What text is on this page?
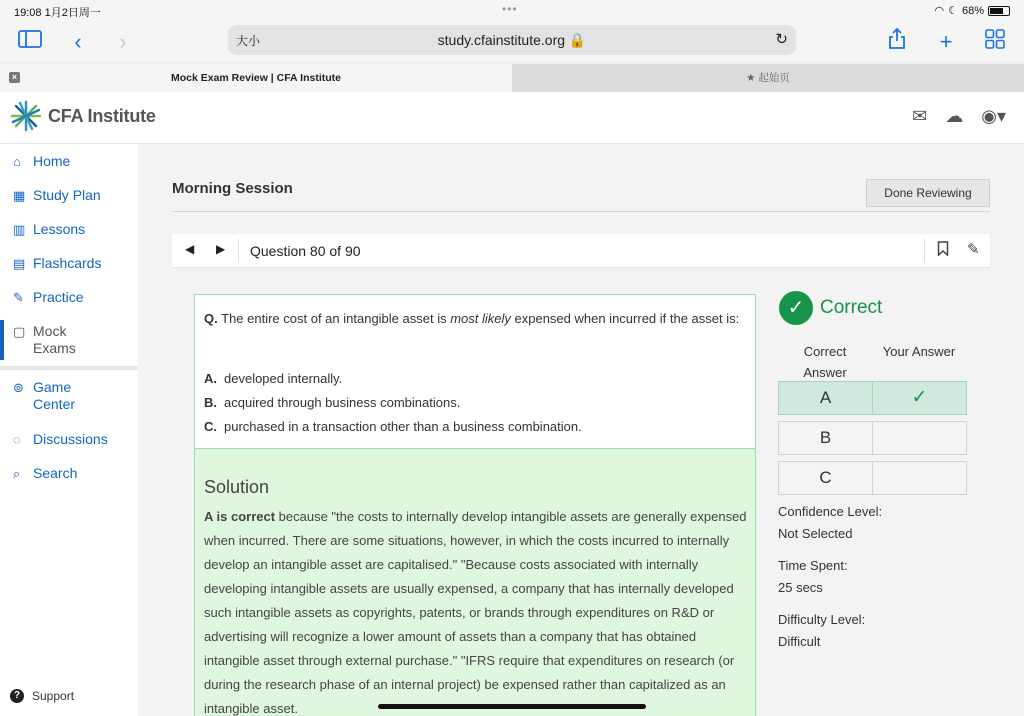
19:08 1月2日周一	•••	◠ ☾ 68%
‹	›	大小	study.cfainstitute.org 🔒	↻	+
×	Mock Exam Review | CFA Institute	★ 起始页
CFA Institute	✉ ☁ ◉▾
⌂ Home
▦ Study Plan
▥ Lessons
▤ Flashcards
✎ Practice
▢ Mock
Exams
⊚ Game
Center
◌ Discussions
⌕ Search
? Support
Morning Session	Done Reviewing
◀ ▶ Question 80 of 90	✎
Q. The entire cost of an intangible asset is most likely expensed when incurred if the asset is:
A. developed internally.
B. acquired through business combinations.
C. purchased in a transaction other than a business combination.
Solution
A is correct because "the costs to internally develop intangible assets are generally expensed when incurred. There are some situations, however, in which the costs incurred to internally develop an intangible asset are capitalised." "Because costs associated with internally developing intangible assets are usually expensed, a company that has internally developed such intangible assets as copyrights, patents, or brands through expenditures on R&D or advertising will recognize a lower amount of assets than a company that has obtained intangible asset through external purchase." "IFRS require that expenditures on research (or during the research phase of an internal project) be expensed rather than capitalized as an intangible asset.
✓ Correct
Correct
Answer
Your Answer
A	✓
B
C
Confidence Level:
Not Selected
Time Spent:
25 secs
Difficulty Level:
Difficult
